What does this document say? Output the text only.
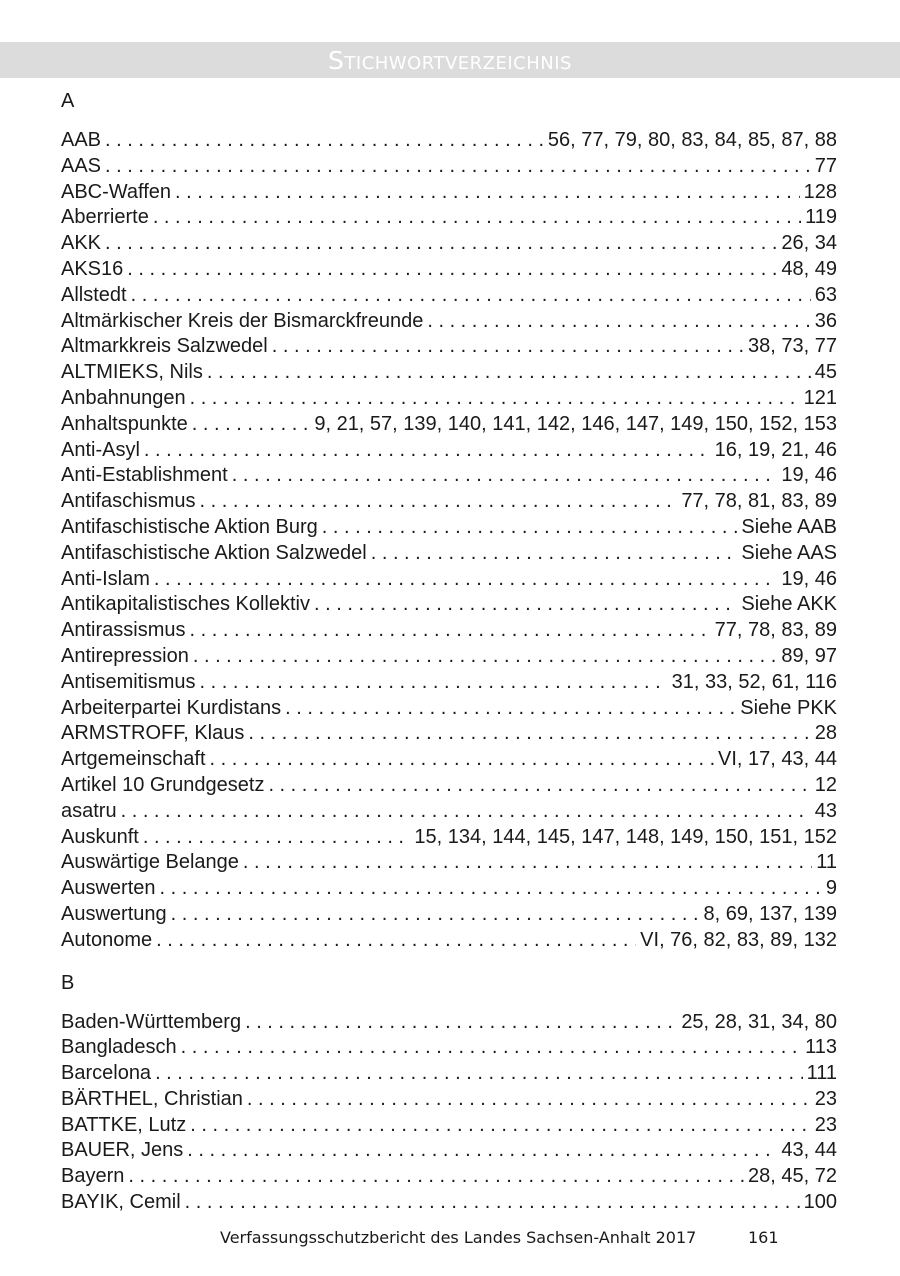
Stichwortverzeichnis
A
AAB . . .	56, 77, 79, 80, 83, 84, 85, 87, 88
AAS . . .	77
ABC-Waffen . . .	128
Aberrierte . . .	119
AKK . . .	26, 34
AKS16 . . .	48, 49
Allstedt . . .	63
Altmärkischer Kreis der Bismarckfreunde . . .	36
Altmarkkreis Salzwedel . . .	38, 73, 77
ALTMIEKS, Nils . . .	45
Anbahnungen . . .	121
Anhaltspunkte . . .	9, 21, 57, 139, 140, 141, 142, 146, 147, 149, 150, 152, 153
Anti-Asyl . . .	16, 19, 21, 46
Anti-Establishment . . .	19, 46
Antifaschismus . . .	77, 78, 81, 83, 89
Antifaschistische Aktion Burg . . .	Siehe AAB
Antifaschistische Aktion Salzwedel . . .	Siehe AAS
Anti-Islam . . .	19, 46
Antikapitalistisches Kollektiv . . .	Siehe AKK
Antirassismus . . .	77, 78, 83, 89
Antirepression . . .	89, 97
Antisemitismus . . .	31, 33, 52, 61, 116
Arbeiterpartei Kurdistans . . .	Siehe PKK
ARMSTROFF, Klaus . . .	28
Artgemeinschaft . . .	VI, 17, 43, 44
Artikel 10 Grundgesetz . . .	12
asatru . . .	43
Auskunft . . .	15, 134, 144, 145, 147, 148, 149, 150, 151, 152
Auswärtige Belange . . .	11
Auswerten . . .	9
Auswertung . . .	8, 69, 137, 139
Autonome . . .	VI, 76, 82, 83, 89, 132
B
Baden-Württemberg . . .	25, 28, 31, 34, 80
Bangladesch . . .	113
Barcelona . . .	111
BÄRTHEL, Christian . . .	23
BATTKE, Lutz . . .	23
BAUER, Jens . . .	43, 44
Bayern . . .	28, 45, 72
BAYIK, Cemil . . .	100
Verfassungsschutzbericht des Landes Sachsen-Anhalt 2017	161
